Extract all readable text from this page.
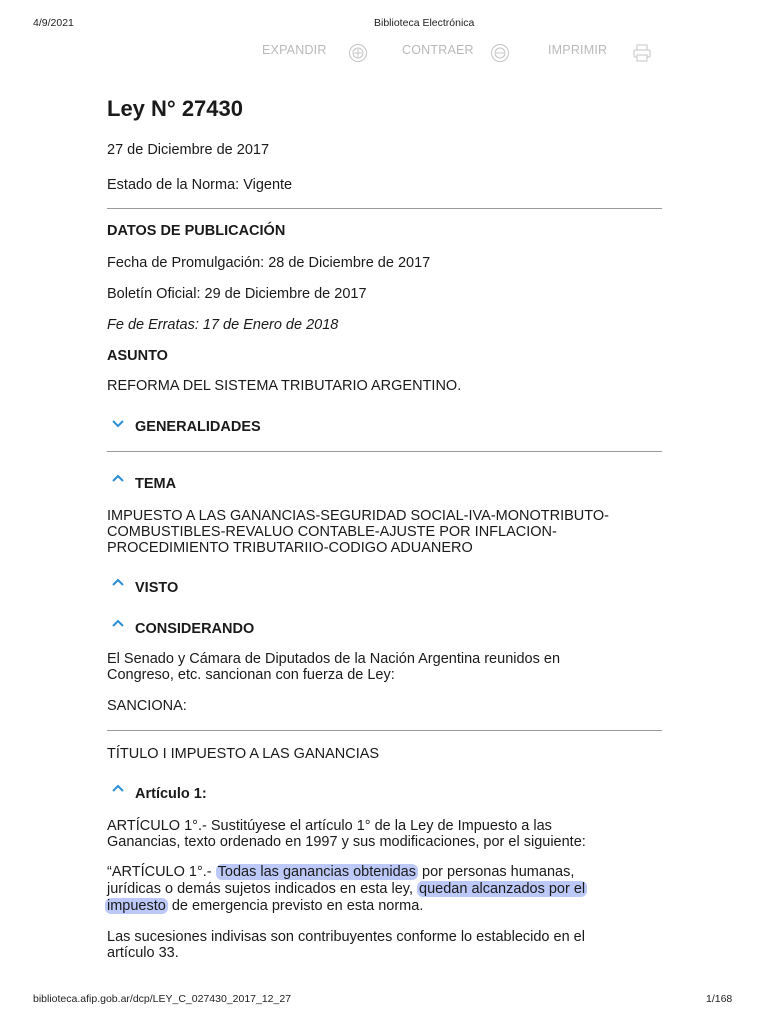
4/9/2021	Biblioteca Electrónica
EXPANDIR	CONTRAER	IMPRIMIR
Ley N° 27430

27 de Diciembre de 2017

Estado de la Norma: Vigente

DATOS DE PUBLICACIÓN

Fecha de Promulgación: 28 de Diciembre de 2017

Boletín Oficial: 29 de Diciembre de 2017

Fe de Erratas: 17 de Enero de 2018

ASUNTO

REFORMA DEL SISTEMA TRIBUTARIO ARGENTINO.

GENERALIDADES
TEMA

IMPUESTO A LAS GANANCIAS-SEGURIDAD SOCIAL-IVA-MONOTRIBUTO-

COMBUSTIBLES-REVALUO CONTABLE-AJUSTE POR INFLACION-

PROCEDIMIENTO TRIBUTARIIO-CODIGO ADUANERO

VISTO
CONSIDERANDO

El Senado y Cámara de Diputados de la Nación Argentina reunidos en

Congreso, etc. sancionan con fuerza de Ley:

SANCIONA:

TÍTULO I IMPUESTO A LAS GANANCIAS

Artículo 1:

ARTÍCULO 1°.- Sustitúyese el artículo 1° de la Ley de Impuesto a las

Ganancias, texto ordenado en 1997 y sus modificaciones, por el siguiente:

“ARTÍCULO 1°.- Todas las ganancias obtenidas por personas humanas,

jurídicas o demás sujetos indicados en esta ley, quedan alcanzados por el

impuesto de emergencia previsto en esta norma.

Las sucesiones indivisas son contribuyentes conforme lo establecido en el

artículo 33.

biblioteca.afip.gob.ar/dcp/LEY_C_027430_2017_12_27	1/168
